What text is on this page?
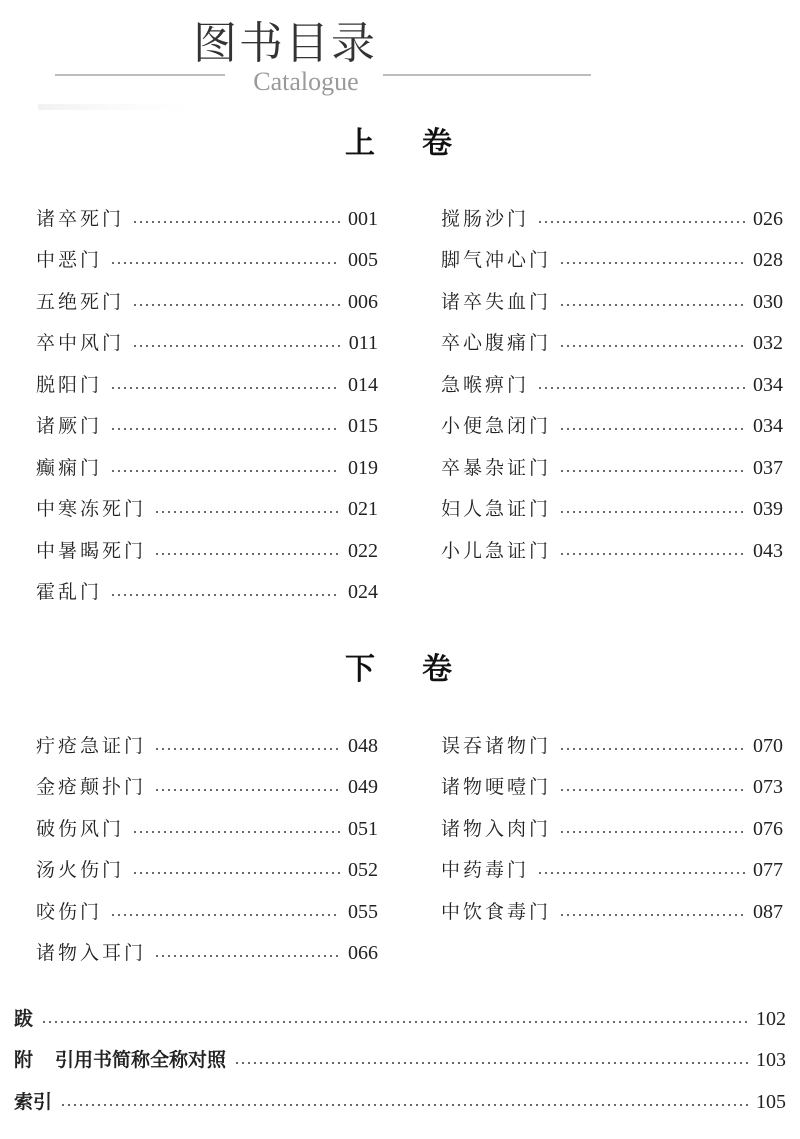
图书目录
Catalogue
上 卷
诸卒死门	001
中恶门	005
五绝死门	006
卒中风门	011
脱阳门	014
诸厥门	015
癫痫门	019
中寒冻死门	021
中暑暍死门	022
霍乱门	024
搅肠沙门	026
脚气冲心门	028
诸卒失血门	030
卒心腹痛门	032
急喉痹门	034
小便急闭门	034
卒暴杂证门	037
妇人急证门	039
小儿急证门	043
下 卷
疔疮急证门	048
金疮颠扑门	049
破伤风门	051
汤火伤门	052
咬伤门	055
诸物入耳门	066
误吞诸物门	070
诸物哽噎门	073
诸物入肉门	076
中药毒门	077
中饮食毒门	087
跋	102
附 引用书简称全称对照	103
索引	105
